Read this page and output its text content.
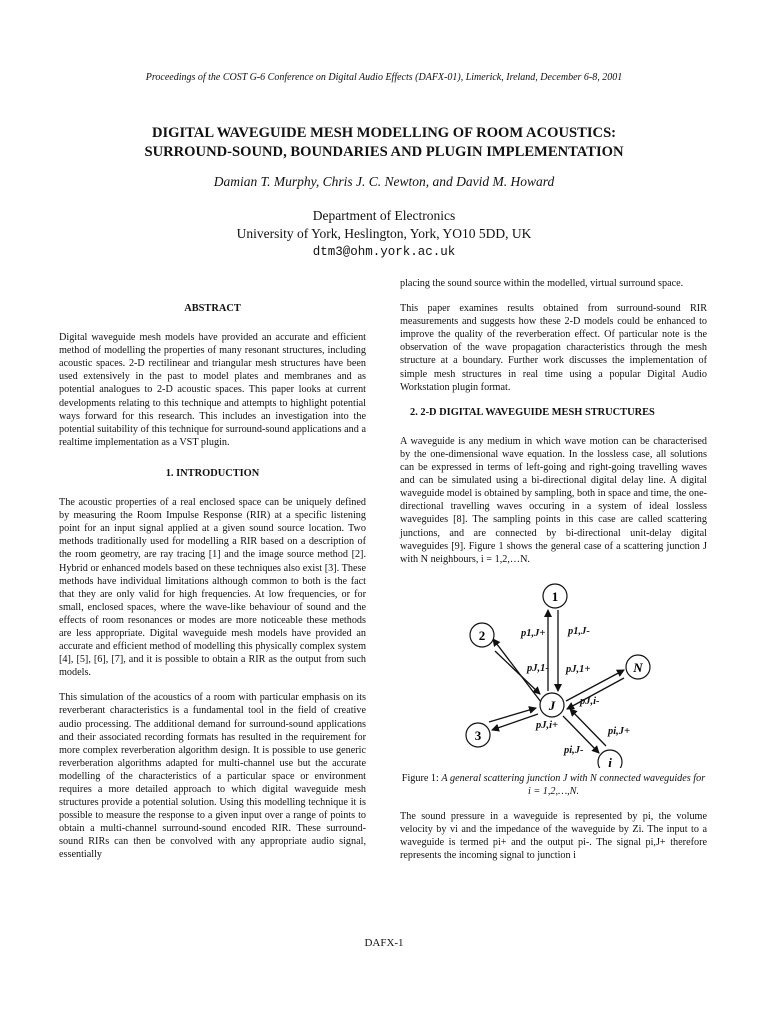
Proceedings of the COST G-6 Conference on Digital Audio Effects (DAFX-01), Limerick, Ireland, December 6-8, 2001
DIGITAL WAVEGUIDE MESH MODELLING OF ROOM ACOUSTICS:
SURROUND-SOUND, BOUNDARIES AND PLUGIN IMPLEMENTATION
Damian T. Murphy, Chris J. C. Newton, and David M. Howard
Department of Electronics
University of York, Heslington, York, YO10 5DD, UK
dtm3@ohm.york.ac.uk
ABSTRACT

Digital waveguide mesh models have provided an accurate and efficient method of modelling the properties of many resonant structures, including acoustic spaces. 2-D rectilinear and triangular mesh structures have been used extensively in the past to model plates and membranes and as potential analogues to 2-D acoustic spaces. This paper looks at current developments relating to this technique and attempts to highlight potential ways forward for this research. This includes an investigation into the potential suitability of this technique for surround-sound applications and a realtime implementation as a VST plugin.

1. INTRODUCTION

The acoustic properties of a real enclosed space can be uniquely defined by measuring the Room Impulse Response (RIR) at a specific listening point for an input signal applied at a given sound source location. Two methods traditionally used for modelling a RIR based on a description of the room geometry, are ray tracing [1] and the image source method [2]. Hybrid or enhanced models based on these techniques also exist [3]. These methods have individual limitations although common to both is the fact that they are only valid for high frequencies. At low frequencies, or for small, enclosed spaces, where the wave-like behaviour of sound and the effects of room resonances or modes are more noticeable these methods are less appropriate. Digital waveguide mesh models have provided an accurate and efficient method of modelling this physically complex system [4], [5], [6], [7], and it is possible to obtain a RIR as the output from such models.

This simulation of the acoustics of a room with particular emphasis on its reverberant characteristics is a fundamental tool in the field of creative audio processing. The additional demand for surround-sound applications and their associated recording formats has resulted in the requirement for more complex reverberation algorithm design. It is possible to use generic reverberation algorithms adapted for multi-channel use but the accurate modelling of the characteristics of a particular space or environment requires a more detailed approach to which digital waveguide mesh structures provide a potential solution. Using this modelling technique it is possible to measure the response to a given input over a range of points to obtain a multi-channel surround-sound encoded RIR. These surround-sound RIRs can then be convolved with any appropriate audio signal, essentially

placing the sound source within the modelled, virtual surround space.

This paper examines results obtained from surround-sound RIR measurements and suggests how these 2-D models could be enhanced to improve the quality of the reverberation effect. Of particular note is the observation of the wave propagation characteristics through the mesh structure at a boundary. Further work discusses the implementation of simple mesh structures in real time using a popular Digital Audio Workstation plugin format.

2. 2-D DIGITAL WAVEGUIDE MESH STRUCTURES

A waveguide is any medium in which wave motion can be characterised by the one-dimensional wave equation. In the lossless case, all solutions can be expressed in terms of left-going and right-going travelling waves and can be simulated using a bi-directional digital delay line. A digital waveguide model is obtained by sampling, both in space and time, the one-directional travelling waves occuring in a system of ideal lossless waveguides [8]. The sampling points in this case are called scattering junctions, and are connected by bi-directional unit-delay digital waveguides [9]. Figure 1 shows the general case of a scattering junction J with N neighbours, i = 1,2,…N.

1
2
N
J
3
i
p1,J+ p1,J-
pJ,1- pJ,1+
pJ,i-
pJ,i+
pi,J+
pi,J-
Figure 1: A general scattering junction J with N connected waveguides for i = 1,2,…,N.

The sound pressure in a waveguide is represented by pi, the volume velocity by vi and the impedance of the waveguide by Zi. The input to a waveguide is termed pi+ and the output pi-. The signal pi,J+ therefore represents the incoming signal to junction i

DAFX-1
